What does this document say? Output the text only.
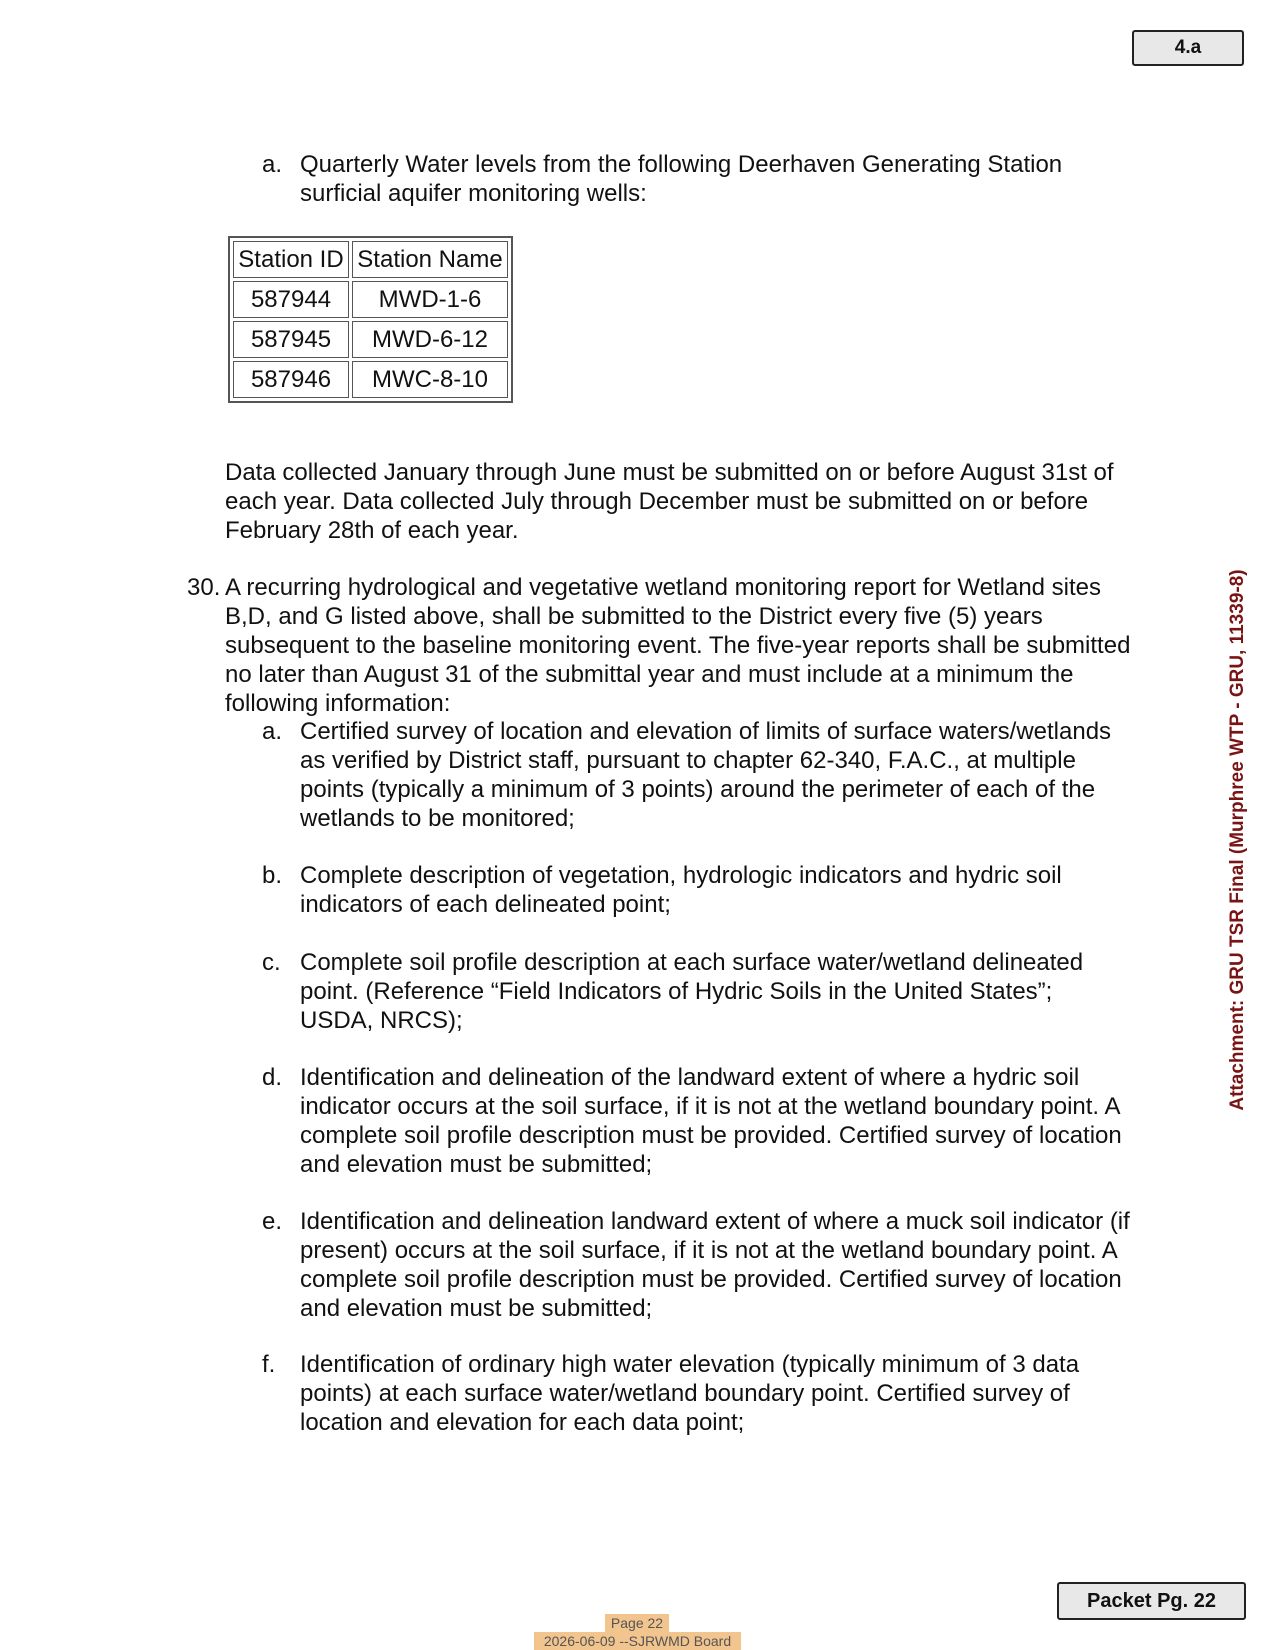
4.a
a. Quarterly Water levels from the following Deerhaven Generating Station surficial aquifer monitoring wells:
Station ID	Station Name
587944	MWD-1-6
587945	MWD-6-12
587946	MWC-8-10
Data collected January through June must be submitted on or before August 31st of each year. Data collected July through December must be submitted on or before February 28th of each year.
30. A recurring hydrological and vegetative wetland monitoring report for Wetland sites B,D, and G listed above, shall be submitted to the District every five (5) years subsequent to the baseline monitoring event. The five-year reports shall be submitted no later than August 31 of the submittal year and must include at a minimum the following information:
a. Certified survey of location and elevation of limits of surface waters/wetlands as verified by District staff, pursuant to chapter 62-340, F.A.C., at multiple points (typically a minimum of 3 points) around the perimeter of each of the wetlands to be monitored;
b. Complete description of vegetation, hydrologic indicators and hydric soil indicators of each delineated point;
c. Complete soil profile description at each surface water/wetland delineated point. (Reference “Field Indicators of Hydric Soils in the United States”; USDA, NRCS);
d. Identification and delineation of the landward extent of where a hydric soil indicator occurs at the soil surface, if it is not at the wetland boundary point. A complete soil profile description must be provided. Certified survey of location and elevation must be submitted;
e. Identification and delineation landward extent of where a muck soil indicator (if present) occurs at the soil surface, if it is not at the wetland boundary point. A complete soil profile description must be provided. Certified survey of location and elevation must be submitted;
f. Identification of ordinary high water elevation (typically minimum of 3 data points) at each surface water/wetland boundary point. Certified survey of location and elevation for each data point;
Attachment: GRU TSR Final (Murphree WTP - GRU, 11339-8)
Packet Pg. 22
Page 22
2026-06-09 --SJRWMD Board
